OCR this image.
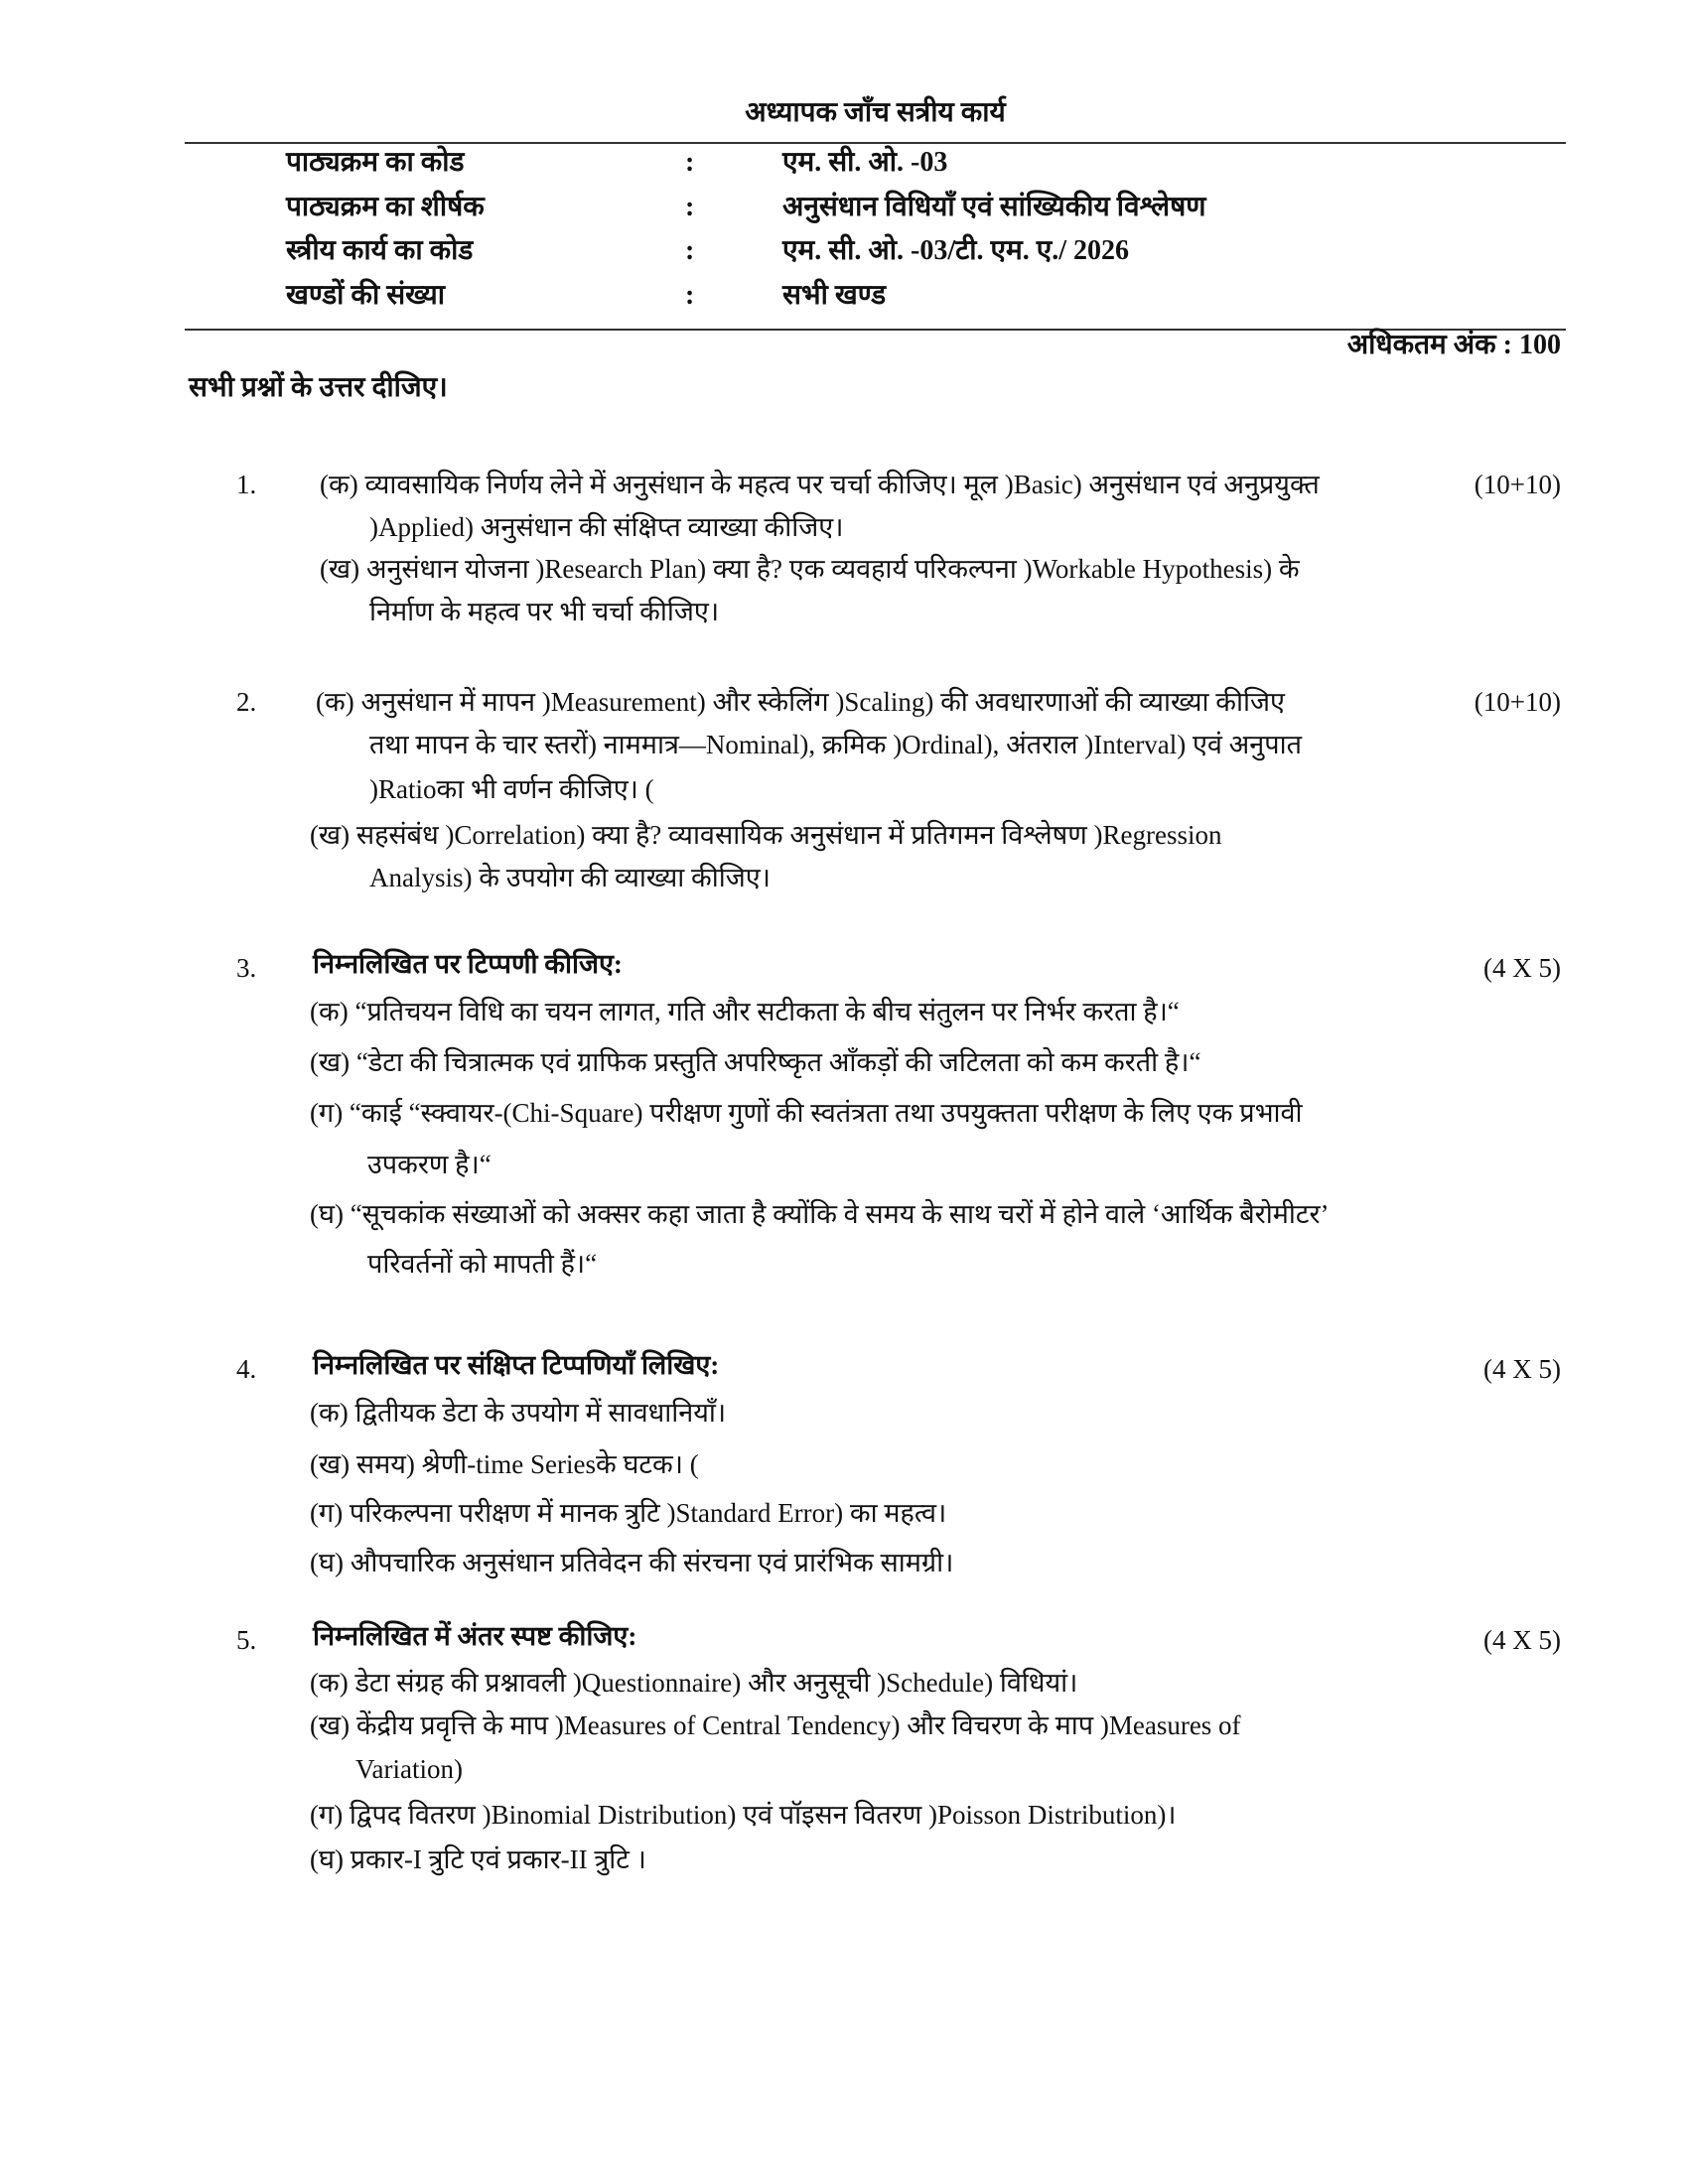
अध्यापक जाँच सत्रीय कार्य
पाठ्यक्रम का कोड	:	एम. सी. ओ. -03
पाठ्यक्रम का शीर्षक	:	अनुसंधान विधियाँ एवं सांख्यिकीय विश्लेषण
स्त्रीय कार्य का कोड	:	एम. सी. ओ. -03/टी. एम. ए./ 2026
खण्डों की संख्या	:	सभी खण्ड
अधिकतम अंक : 100
सभी प्रश्नों के उत्तर दीजिए।
1.	(10+10)
(क) व्यावसायिक निर्णय लेने में अनुसंधान के महत्व पर चर्चा कीजिए। मूल )Basic) अनुसंधान एवं अनुप्रयुक्त
)Applied) अनुसंधान की संक्षिप्त व्याख्या कीजिए।
(ख) अनुसंधान योजना )Research Plan) क्या है? एक व्यवहार्य परिकल्पना )Workable Hypothesis) के
निर्माण के महत्व पर भी चर्चा कीजिए।
2.	(10+10)
(क) अनुसंधान में मापन )Measurement) और स्केलिंग )Scaling) की अवधारणाओं की व्याख्या कीजिए
तथा मापन के चार स्तरों) नाममात्र—Nominal), क्रमिक )Ordinal), अंतराल )Interval) एवं अनुपात
)Ratioका भी वर्णन कीजिए। (
(ख) सहसंबंध )Correlation) क्या है? व्यावसायिक अनुसंधान में प्रतिगमन विश्लेषण )Regression
Analysis) के उपयोग की व्याख्या कीजिए।
3.	(4 X 5)
निम्नलिखित पर टिप्पणी कीजिए:
(क) “प्रतिचयन विधि का चयन लागत, गति और सटीकता के बीच संतुलन पर निर्भर करता है।“
(ख) “डेटा की चित्रात्मक एवं ग्राफिक प्रस्तुति अपरिष्कृत आँकड़ों की जटिलता को कम करती है।“
(ग) “काई “स्क्वायर-(Chi-Square) परीक्षण गुणों की स्वतंत्रता तथा उपयुक्तता परीक्षण के लिए एक प्रभावी
उपकरण है।“
(घ) “सूचकांक संख्याओं को अक्सर कहा जाता है क्योंकि वे समय के साथ चरों में होने वाले ‘आर्थिक बैरोमीटर’
परिवर्तनों को मापती हैं।“
4.	(4 X 5)
निम्नलिखित पर संक्षिप्त टिप्पणियाँ लिखिए:
(क) द्वितीयक डेटा के उपयोग में सावधानियाँ।
(ख) समय) श्रेणी-time Seriesके घटक। (
(ग) परिकल्पना परीक्षण में मानक त्रुटि )Standard Error) का महत्व।
(घ) औपचारिक अनुसंधान प्रतिवेदन की संरचना एवं प्रारंभिक सामग्री।
5.	(4 X 5)
निम्नलिखित में अंतर स्पष्ट कीजिए:
(क) डेटा संग्रह की प्रश्नावली )Questionnaire) और अनुसूची )Schedule) विधियां।
(ख) केंद्रीय प्रवृत्ति के माप )Measures of Central Tendency) और विचरण के माप )Measures of
Variation)
(ग) द्विपद वितरण )Binomial Distribution) एवं पॉइसन वितरण )Poisson Distribution)।
(घ) प्रकार-I त्रुटि एवं प्रकार-II त्रुटि ।
